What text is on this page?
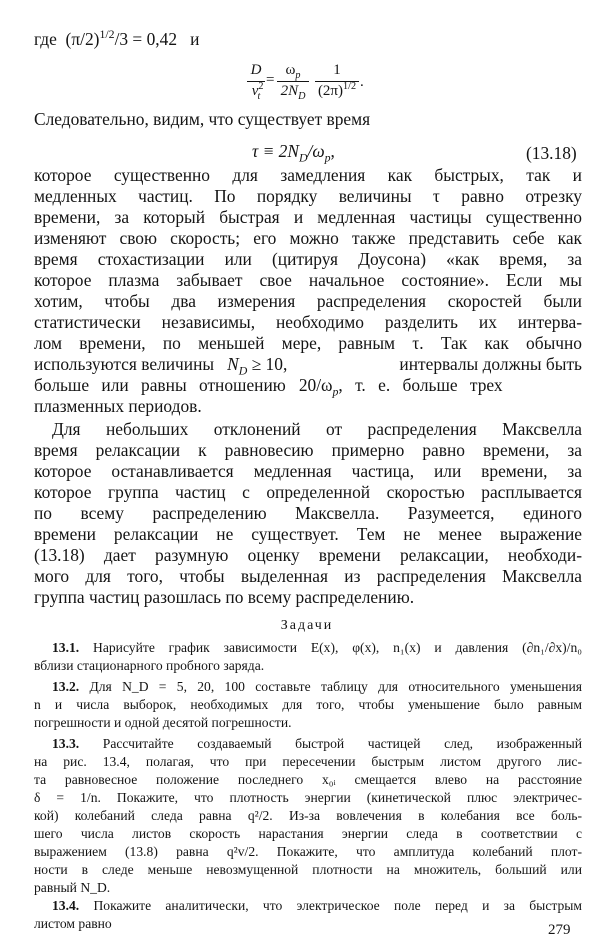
где $(\pi/2)^{1/2}/3 = 0,42$ и
D
$v^2_t$
=
$\omega_p$
$2N_D$
1
$(2\pi)^{1/2}$ .
Следовательно, видим, что существует время
$\tau \equiv 2N_D/\omega_p$,	(13.18)
которое существенно для замедления как быстрых, так и
медленных частиц. По порядку величины τ равно отрезку
времени, за который быстрая и медленная частицы существенно
изменяют свою скорость; его можно также представить себе как
время стохастизации или (цитируя Доусона) «как время, за
которое плазма забывает свое начальное состояние». Если мы
хотим, чтобы два измерения распределения скоростей были
статистически независимы, необходимо разделить их интерва-
лом времени, по меньшей мере, равным τ. Так как обычно
используются величины $N_D \ge 10$,	интервалы должны быть
больше или равны отношению $20/\omega_p$, т. е. больше трех
плазменных периодов.
Для небольших отклонений от распределения Максвелла
время релаксации к равновесию примерно равно времени, за
которое останавливается медленная частица, или времени, за
которое группа частиц с определенной скоростью расплывается
по всему распределению Максвелла. Разумеется, единого
времени релаксации не существует. Тем не менее выражение
(13.18) дает разумную оценку времени релаксации, необходи-
мого для того, чтобы выделенная из распределения Максвелла
группа частиц разошлась по всему распределению.
Задачи
13.1. Нарисуйте график зависимости E(x), φ(x), n₁(x) и давления (∂n₁/∂x)/n₀
вблизи стационарного пробного заряда.
13.2. Для N_D = 5, 20, 100 составьте таблицу для относительного уменьшения
n и числа выборок, необходимых для того, чтобы уменьшение было равным
погрешности и одной десятой погрешности.
13.3. Рассчитайте создаваемый быстрой частицей след, изображенный
на рис. 13.4, полагая, что при пересечении быстрым листом другого лис-
та равновесное положение последнего x₀ᵢ смещается влево на расстояние
δ = 1/n. Покажите, что плотность энергии (кинетической плюс электричес-
кой) колебаний следа равна q²/2. Из-за вовлечения в колебания все боль-
шего числа листов скорость нарастания энергии следа в соответствии с
выражением (13.8) равна q²v/2. Покажите, что амплитуда колебаний плот-
ности в следе меньше невозмущенной плотности на множитель, больший или
равный N_D.
13.4. Покажите аналитически, что электрическое поле перед и за быстрым
листом равно	279
